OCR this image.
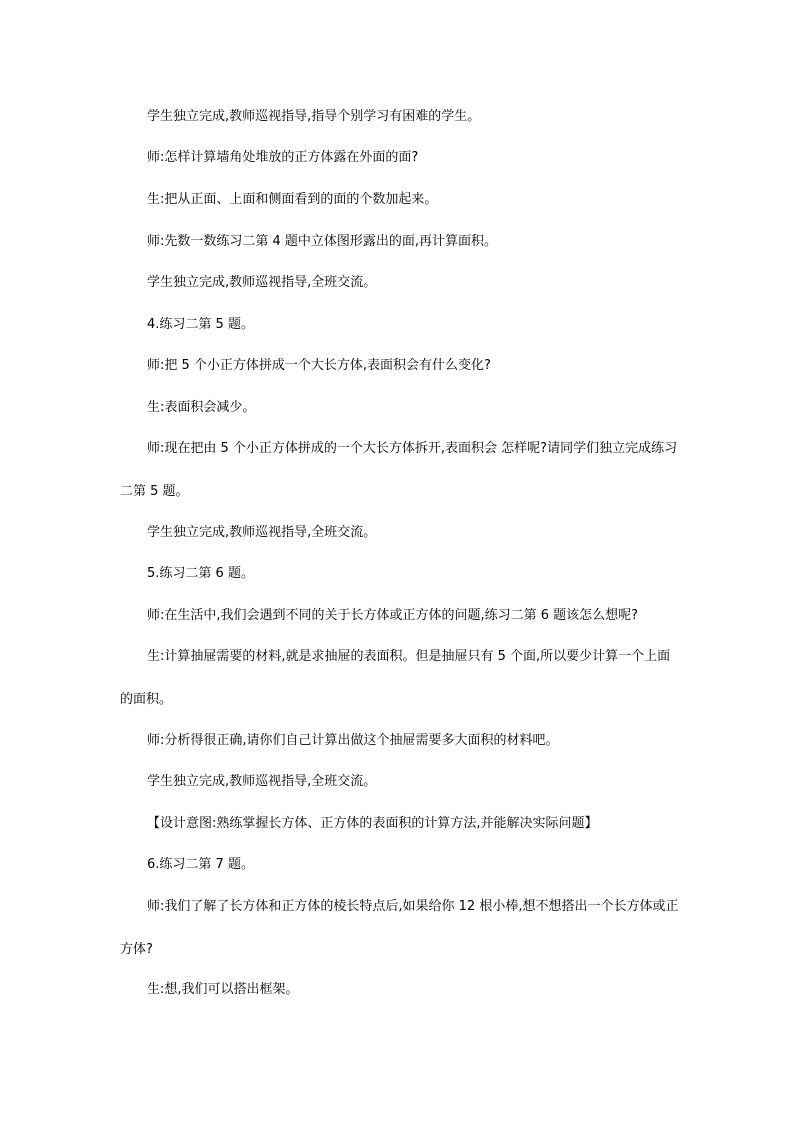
学生独立完成,教师巡视指导,指导个别学习有困难的学生。

师:怎样计算墙角处堆放的正方体露在外面的面?

生:把从正面、上面和侧面看到的面的个数加起来。

师:先数一数练习二第 4 题中立体图形露出的面,再计算面积。

学生独立完成,教师巡视指导,全班交流。

4.练习二第 5 题。

师:把 5 个小正方体拼成一个大长方体,表面积会有什么变化?

生:表面积会减少。

师:现在把由 5 个小正方体拼成的一个大长方体拆开,表面积会 怎样呢?请同学们独立完成练习二第 5 题。

学生独立完成,教师巡视指导,全班交流。

5.练习二第 6 题。

师:在生活中,我们会遇到不同的关于长方体或正方体的问题,练习二第 6 题该怎么想呢?

生:计算抽屉需要的材料,就是求抽屉的表面积。但是抽屉只有 5 个面,所以要少计算一个上面的面积。

师:分析得很正确,请你们自己计算出做这个抽屉需要多大面积的材料吧。

学生独立完成,教师巡视指导,全班交流。

【设计意图:熟练掌握长方体、正方体的表面积的计算方法,并能解决实际问题】

6.练习二第 7 题。

师:我们了解了长方体和正方体的棱长特点后,如果给你 12 根小棒,想不想搭出一个长方体或正方体?

生:想,我们可以搭出框架。
